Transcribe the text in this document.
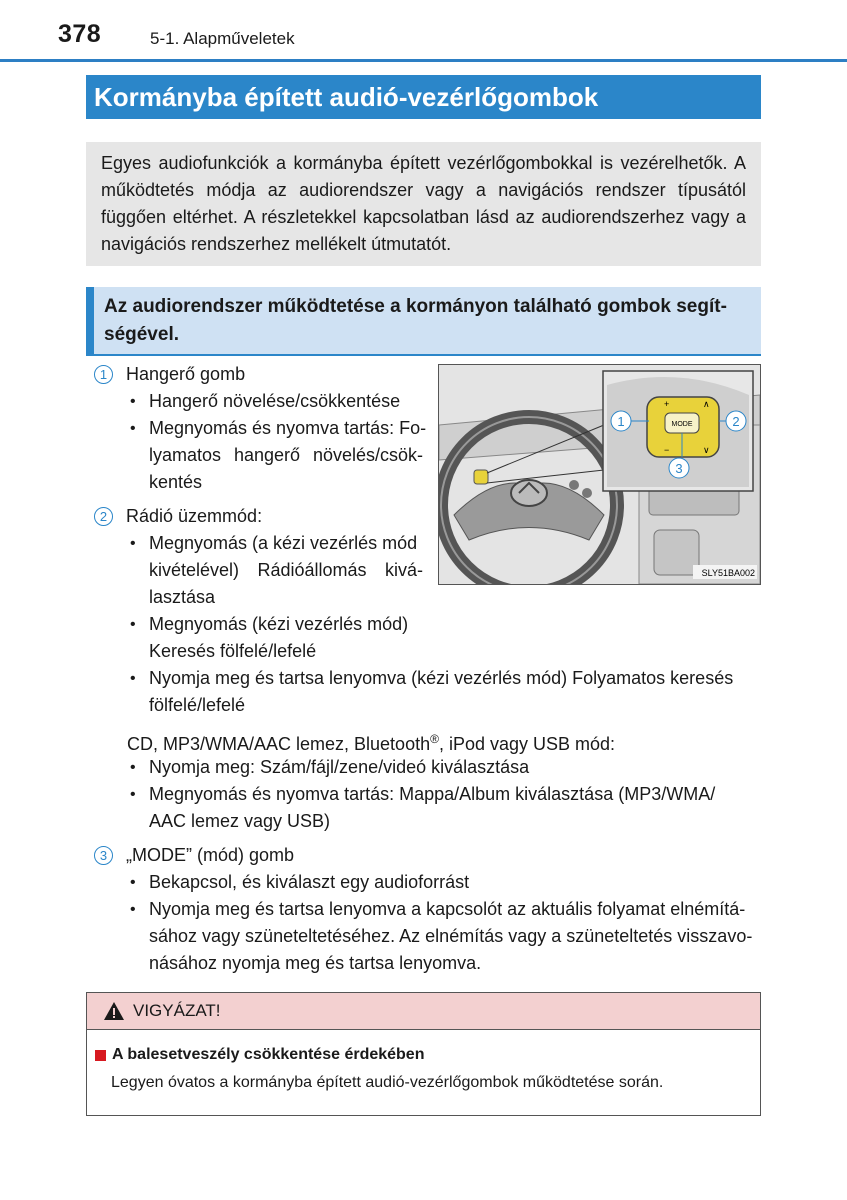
378	5-1. Alapműveletek
Kormányba épített audió-vezérlőgombok

Egyes audiofunkciók a kormányba épített vezérlőgombokkal is vezérelhetők. A működtetés módja az audiorendszer vagy a navigációs rendszer típusától függően eltérhet. A részletekkel kapcsolatban lásd az audiorendszerhez vagy a navigációs rendszerhez mellékelt útmutatót.

Az audiorendszer működtetése a kormányon található gombok segít-
ségével.
1	Hangerő gomb
• Hangerő növelése/csökkentése
• Megnyomás és nyomva tartás: Fo-
lyamatos hangerő növelés/csök-
kentés
2	Rádió üzemmód:
• Megnyomás (a kézi vezérlés mód
kivételével) Rádióállomás kivá-
lasztása
• Megnyomás (kézi vezérlés mód)
Keresés fölfelé/lefelé
• Nyomja meg és tartsa lenyomva (kézi vezérlés mód) Folyamatos keresés
fölfelé/lefelé
CD, MP3/WMA/AAC lemez, Bluetooth®, iPod vagy USB mód:
• Nyomja meg: Szám/fájl/zene/videó kiválasztása
• Megnyomás és nyomva tartás: Mappa/Album kiválasztása (MP3/WMA/
AAC lemez vagy USB)
3	„MODE” (mód) gomb
• Bekapcsol, és kiválaszt egy audioforrást
• Nyomja meg és tartsa lenyomva a kapcsolót az aktuális folyamat elnémítá-
sához vagy szüneteltetéséhez. Az elnémítás vagy a szüneteltetés visszavo-
násához nyomja meg és tartsa lenyomva.
MODE
+	∧
−	∨
1	2
3
SLY51BA002
VIGYÁZAT!
A balesetveszély csökkentése érdekében
Legyen óvatos a kormányba épített audió-vezérlőgombok működtetése során.
